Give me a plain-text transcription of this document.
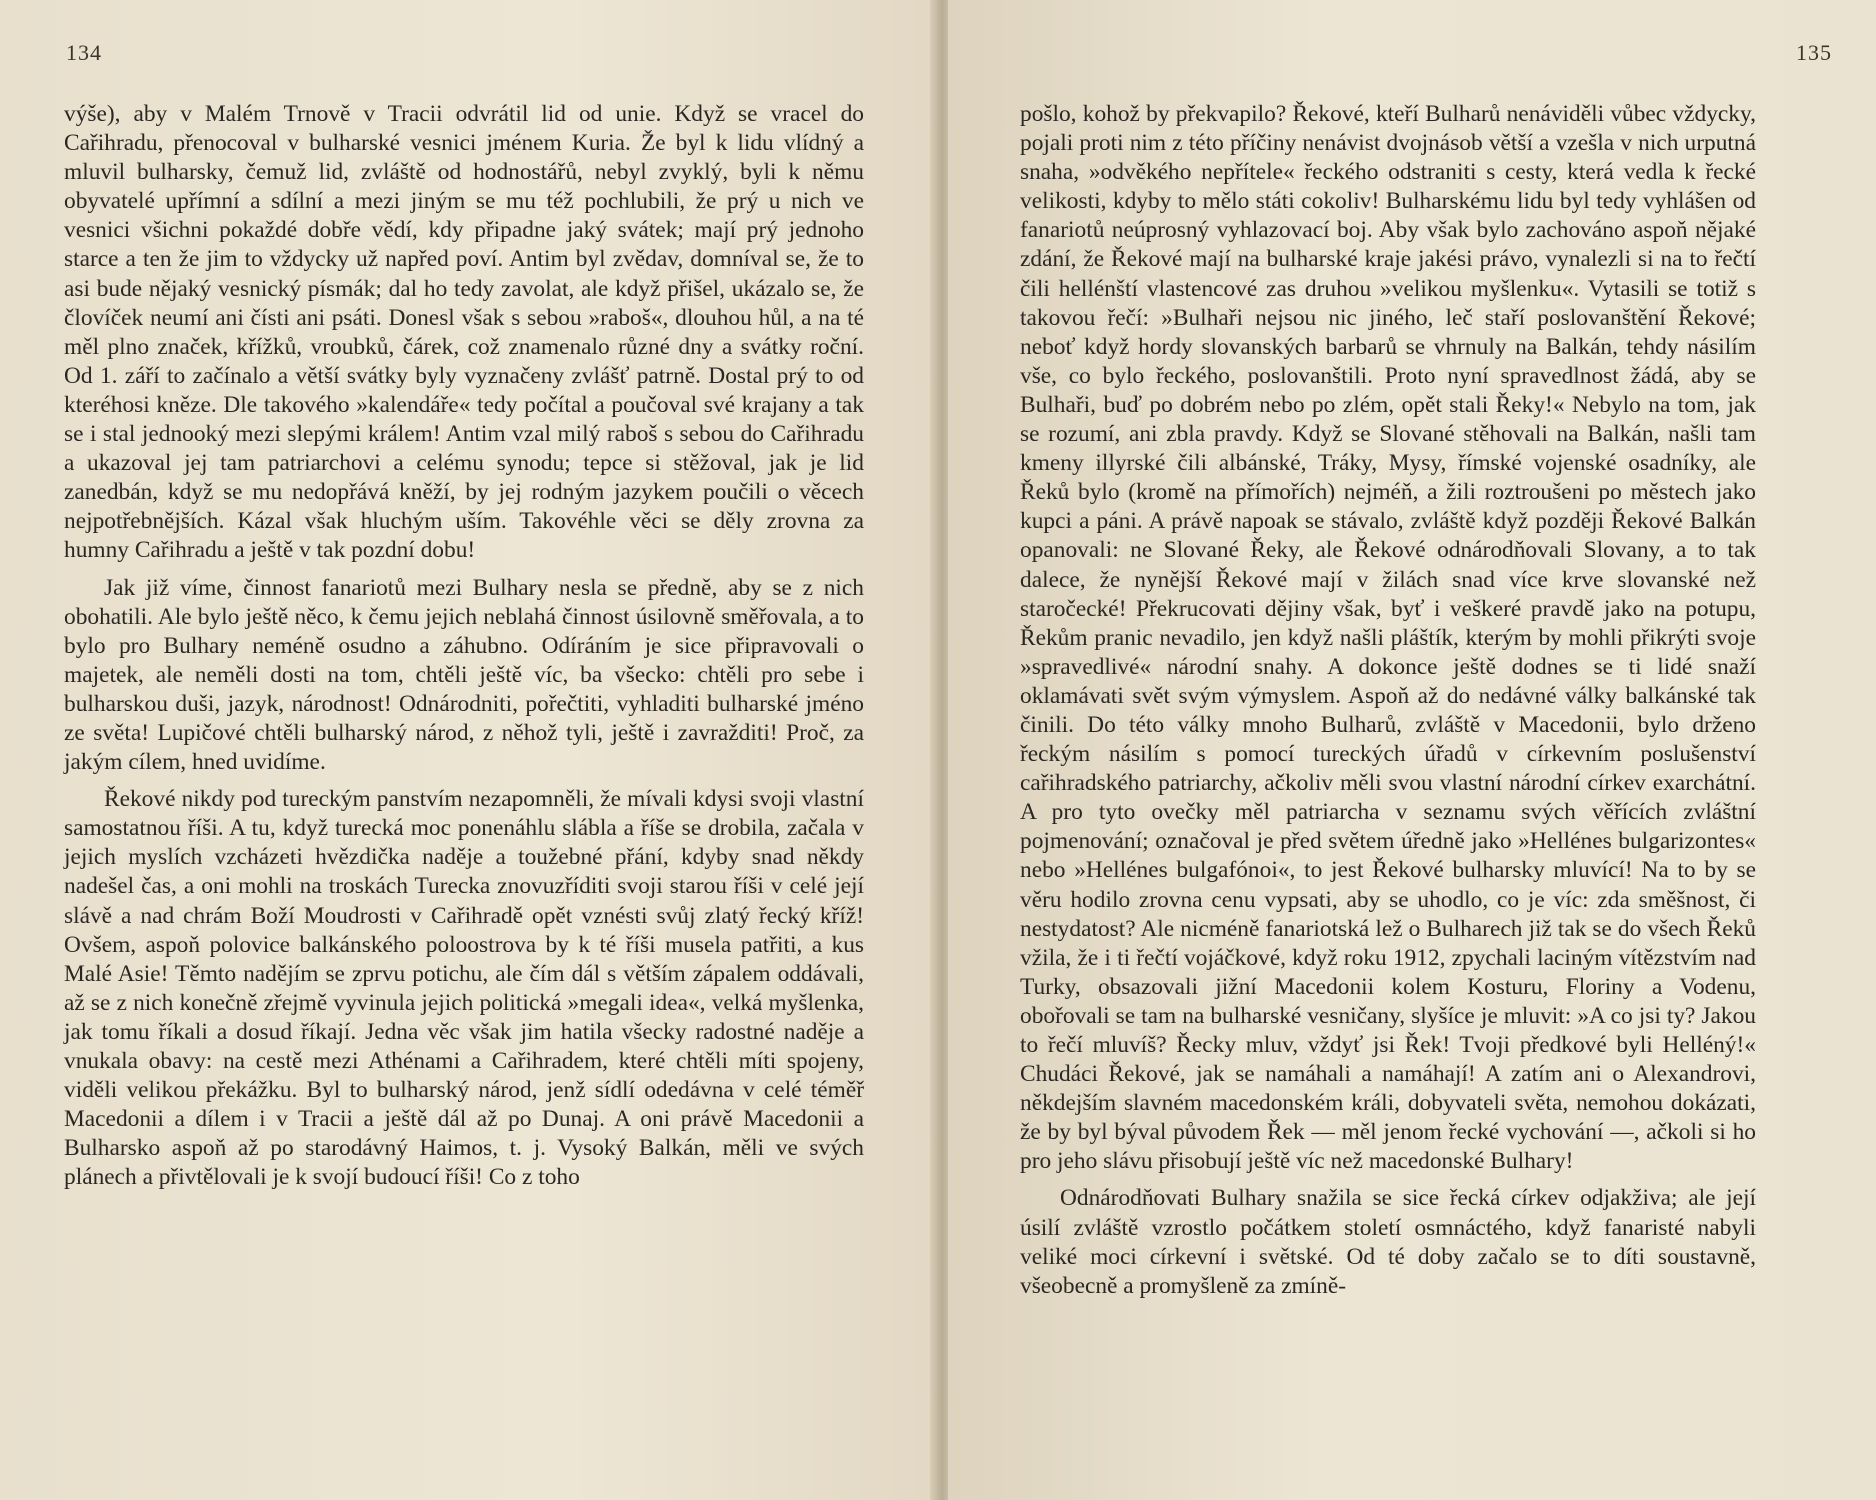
134

výše), aby v Malém Trnově v Tracii odvrátil lid od unie. Když se vracel do Cařihradu, přenocoval v bulharské vesnici jménem Kuria. Že byl k lidu vlídný a mluvil bulharsky, čemuž lid, zvláště od hodnostářů, nebyl zvyklý, byli k němu obyvatelé upřímní a sdílní a mezi jiným se mu též pochlubili, že prý u nich ve vesnici všichni pokaždé dobře vědí, kdy připadne jaký svátek; mají prý jednoho starce a ten že jim to vždycky už napřed poví. Antim byl zvědav, domníval se, že to asi bude nějaký vesnický písmák; dal ho tedy zavolat, ale když přišel, ukázalo se, že človíček neumí ani čísti ani psáti. Donesl však s sebou »raboš«, dlouhou hůl, a na té měl plno značek, křížků, vroubků, čárek, což znamenalo různé dny a svátky roční. Od 1. září to začínalo a větší svátky byly vyznačeny zvlášť patrně. Dostal prý to od kteréhosi kněze. Dle takového »kalendáře« tedy počítal a poučoval své krajany a tak se i stal jednooký mezi slepými králem! Antim vzal milý raboš s sebou do Cařihradu a ukazoval jej tam patriarchovi a celému synodu; tepce si stěžoval, jak je lid zanedbán, když se mu nedopřává kněží, by jej rodným jazykem poučili o věcech nejpotřebnějších. Kázal však hluchým uším. Takovéhle věci se děly zrovna za humny Cařihradu a ještě v tak pozdní dobu!

Jak již víme, činnost fanariotů mezi Bulhary nesla se předně, aby se z nich obohatili. Ale bylo ještě něco, k čemu jejich neblahá činnost úsilovně směřovala, a to bylo pro Bulhary neméně osudno a záhubno. Odíráním je sice připravovali o majetek, ale neměli dosti na tom, chtěli ještě víc, ba všecko: chtěli pro sebe i bulharskou duši, jazyk, národnost! Odnárodniti, pořečtiti, vyhladiti bulharské jméno ze světa! Lupičové chtěli bulharský národ, z něhož tyli, ještě i zavražditi! Proč, za jakým cílem, hned uvidíme.

Řekové nikdy pod tureckým panstvím nezapomněli, že mívali kdysi svoji vlastní samostatnou říši. A tu, když turecká moc ponenáhlu slábla a říše se drobila, začala v jejich myslích vzcházeti hvězdička naděje a toužebné přání, kdyby snad někdy nadešel čas, a oni mohli na troskách Turecka znovuzříditi svoji starou říši v celé její slávě a nad chrám Boží Moudrosti v Cařihradě opět vznésti svůj zlatý řecký kříž! Ovšem, aspoň polovice balkánského poloostrova by k té říši musela patřiti, a kus Malé Asie! Těmto nadějím se zprvu potichu, ale čím dál s větším zápalem oddávali, až se z nich konečně zřejmě vyvinula jejich politická »megali idea«, velká myšlenka, jak tomu říkali a dosud říkají. Jedna věc však jim hatila všecky radostné naděje a vnukala obavy: na cestě mezi Athénami a Cařihradem, které chtěli míti spojeny, viděli velikou překážku. Byl to bulharský národ, jenž sídlí odedávna v celé téměř Macedonii a dílem i v Tracii a ještě dál až po Dunaj. A oni právě Macedonii a Bulharsko aspoň až po starodávný Haimos, t. j. Vysoký Balkán, měli ve svých plánech a přivtělovali je k svojí budoucí říši! Co z toho

135

pošlo, kohož by překvapilo? Řekové, kteří Bulharů nenáviděli vůbec vždycky, pojali proti nim z této příčiny nenávist dvojnásob větší a vzešla v nich urputná snaha, »odvěkého nepřítele« řeckého odstraniti s cesty, která vedla k řecké velikosti, kdyby to mělo státi cokoliv! Bulharskému lidu byl tedy vyhlášen od fanariotů neúprosný vyhlazovací boj. Aby však bylo zachováno aspoň nějaké zdání, že Řekové mají na bulharské kraje jakési právo, vynalezli si na to řečtí čili hellénští vlastencové zas druhou »velikou myšlenku«. Vytasili se totiž s takovou řečí: »Bulhaři nejsou nic jiného, leč staří poslovanštění Řekové; neboť když hordy slovanských barbarů se vhrnuly na Balkán, tehdy násilím vše, co bylo řeckého, poslovanštili. Proto nyní spravedlnost žádá, aby se Bulhaři, buď po dobrém nebo po zlém, opět stali Řeky!« Nebylo na tom, jak se rozumí, ani zbla pravdy. Když se Slované stěhovali na Balkán, našli tam kmeny illyrské čili albánské, Tráky, Mysy, římské vojenské osadníky, ale Řeků bylo (kromě na přímořích) nejméň, a žili roztroušeni po městech jako kupci a páni. A právě napoak se stávalo, zvláště když později Řekové Balkán opanovali: ne Slované Řeky, ale Řekové odnárodňovali Slovany, a to tak dalece, že nynější Řekové mají v žilách snad více krve slovanské než staročecké! Překrucovati dějiny však, byť i veškeré pravdě jako na potupu, Řekům pranic nevadilo, jen když našli pláštík, kterým by mohli přikrýti svoje »spravedlivé« národní snahy. A dokonce ještě dodnes se ti lidé snaží oklamávati svět svým výmyslem. Aspoň až do nedávné války balkánské tak činili. Do této války mnoho Bulharů, zvláště v Macedonii, bylo drženo řeckým násilím s pomocí tureckých úřadů v církevním poslušenství cařihradského patriarchy, ačkoliv měli svou vlastní národní církev exarchátní. A pro tyto ovečky měl patriarcha v seznamu svých věřících zvláštní pojmenování; označoval je před světem úředně jako »Hellénes bulgarizontes« nebo »Hellénes bulgafónoi«, to jest Řekové bulharsky mluvící! Na to by se věru hodilo zrovna cenu vypsati, aby se uhodlo, co je víc: zda směšnost, či nestydatost? Ale nicméně fanariotská lež o Bulharech již tak se do všech Řeků vžila, že i ti řečtí vojáčkové, když roku 1912, zpychali laciným vítězstvím nad Turky, obsazovali jižní Macedonii kolem Kosturu, Floriny a Vodenu, obořovali se tam na bulharské vesničany, slyšíce je mluvit: »A co jsi ty? Jakou to řečí mluvíš? Řecky mluv, vždyť jsi Řek! Tvoji předkové byli Helléný!« Chudáci Řekové, jak se namáhali a namáhají! A zatím ani o Alexandrovi, někdejším slavném macedonském králi, dobyvateli světa, nemohou dokázati, že by byl býval původem Řek — měl jenom řecké vychování —, ačkoli si ho pro jeho slávu přisobují ještě víc než macedonské Bulhary!

Odnárodňovati Bulhary snažila se sice řecká církev odjakživa; ale její úsilí zvláště vzrostlo počátkem století osmnáctého, když fanaristé nabyli veliké moci církevní i světské. Od té doby začalo se to díti soustavně, všeobecně a promyšleně za zmíně-
